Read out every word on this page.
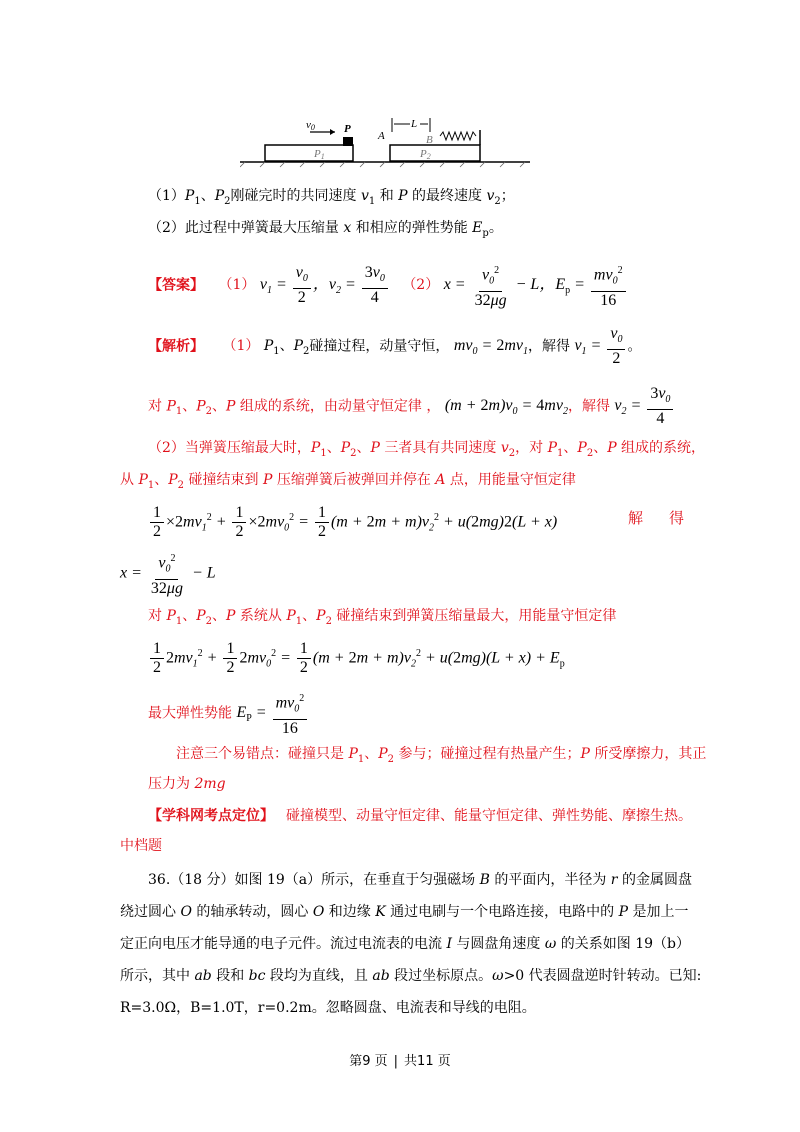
v0	P
A
L
B
P1	P2
$(1)P_1$、$P_2$刚碰完时的共同速度 $v_1$ 和 P 的最终速度 $v_2$；
（2）此过程中弹簧最大压缩量 x 和相应的弹性势能 $E_p$。
【答案】 （1） $v_1 = \frac{v_0}{2}$ ，$v_2 = \frac{3v_0}{4} (2) x = \frac{v_0^2}{32\mu g} - L$，$E_p = \frac{mv_0^2}{16}$
【解析】 （1） $P_1$、$P_2$碰撞过程，动量守恒， $mv_0 = 2mv_1$，解得 $v_1 = \frac{v_0}{2}$ 。
对 $P_1$、$P_2$、P 组成的系统，由动量守恒定律 ， $(m + 2m)v_0 = 4mv_2$，解得 $v_2 = \frac{3v_0}{4}$
（2）当弹簧压缩最大时，$P_1$、$P_2$、P 三者具有共同速度 $v_2$，对 $P_1$、$P_2$、P 组成的系统，
从 $P_1$、$P_2$ 碰撞结束到 P 压缩弹簧后被弹回并停在 A 点，用能量守恒定律
$\frac{1}{2} \times 2mv_1^2 + \frac{1}{2} \times 2mv_0^2 = \frac{1}{2} (m + 2m + m)v_2^2 + u(2mg)2(L + x)$	解 得
$x = \frac{v_0^2}{32\mu g} - L$
对 $P_1$、$P_2$、P 系统从 $P_1$、$P_2$ 碰撞结束到弹簧压缩量最大，用能量守恒定律
$\frac{1}{2} 2mv_1^2 + \frac{1}{2} 2mv_0^2 = \frac{1}{2} (m + 2m + m)v_2^2 + u(2mg)(L + x) + E_p$
最大弹性势能 $E_P = \frac{mv_0^2}{16}$
注意三个易错点：碰撞只是 $P_1$、$P_2$ 参与；碰撞过程有热量产生；P 所受摩擦力，其正
压力为 2mg
【学科网考点定位】 碰撞模型、动量守恒定律、能量守恒定律、弹性势能、摩擦生热。
中档题
36.（18 分）如图 19（a）所示，在垂直于匀强磁场 B 的平面内，半径为 r 的金属圆盘
绕过圆心 O 的轴承转动，圆心 O 和边缘 K 通过电刷与一个电路连接，电路中的 P 是加上一
定正向电压才能导通的电子元件。流过电流表的电流 I 与圆盘角速度 ω 的关系如图 19（b）
所示，其中 ab 段和 bc 段均为直线，且 ab 段过坐标原点。ω>0 代表圆盘逆时针转动。已知:
R=3.0Ω，B=1.0T，r=0.2m。忽略圆盘、电流表和导线的电阻。
第9 页 | 共11 页
